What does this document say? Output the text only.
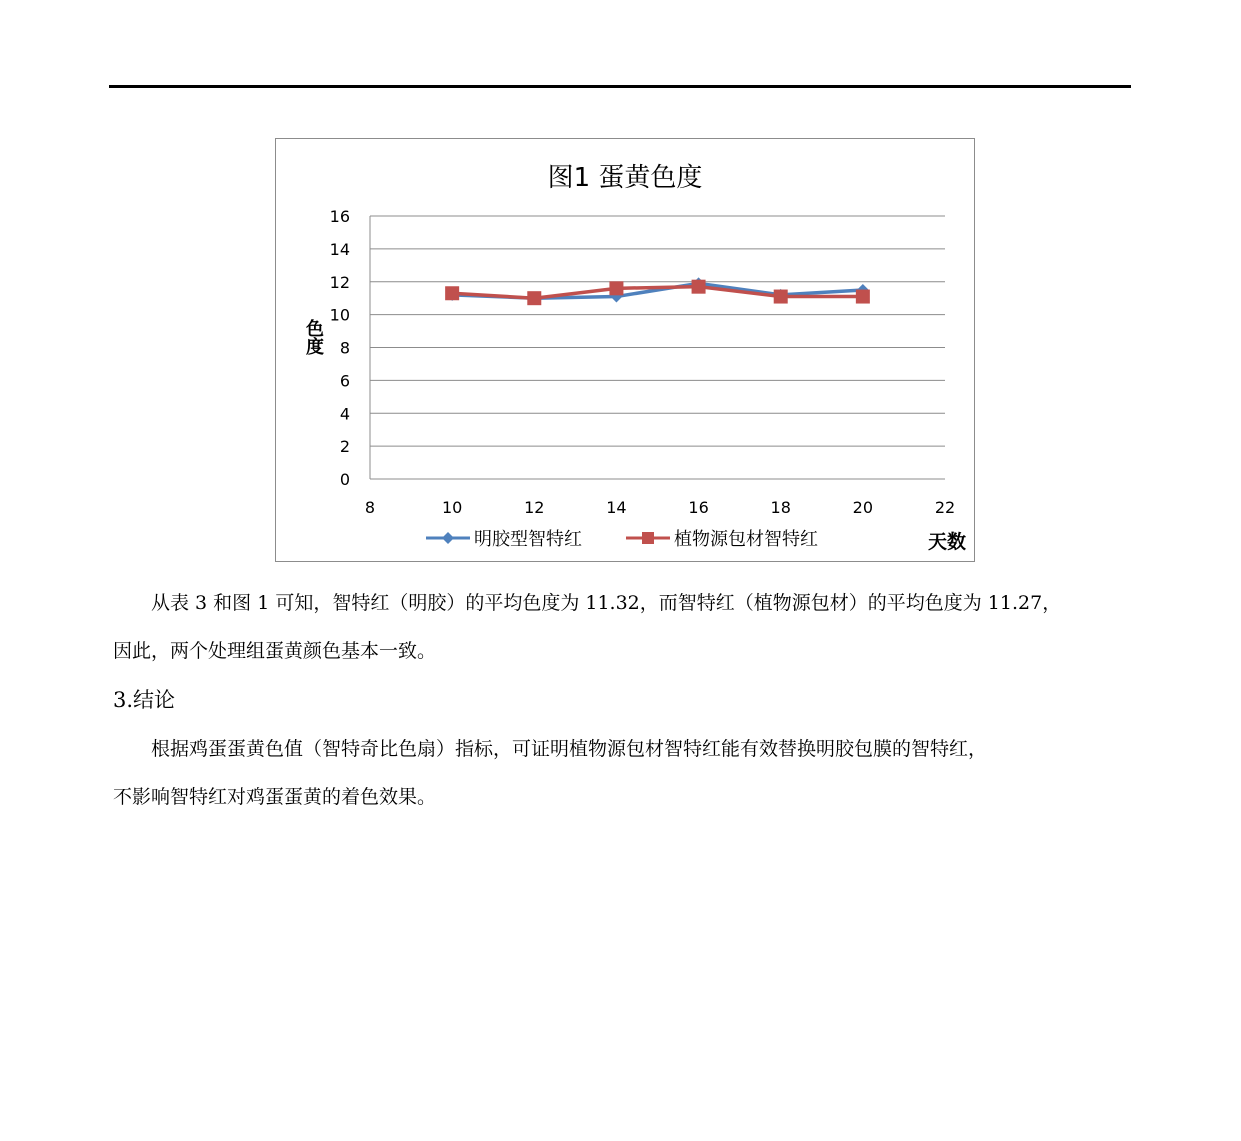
0
2
4
6
8
10
12
14
16
8	10	12	14	16	18	20	22
图1 蛋黄色度
色度
天数
明胶型智特红	植物源包材智特红
从表 3 和图 1 可知，智特红（明胶）的平均色度为 11.32，而智特红（植物源包材）的平均色度为 11.27，
因此，两个处理组蛋黄颜色基本一致。
3.结论
根据鸡蛋蛋黄色值（智特奇比色扇）指标，可证明植物源包材智特红能有效替换明胶包膜的智特红，
不影响智特红对鸡蛋蛋黄的着色效果。
